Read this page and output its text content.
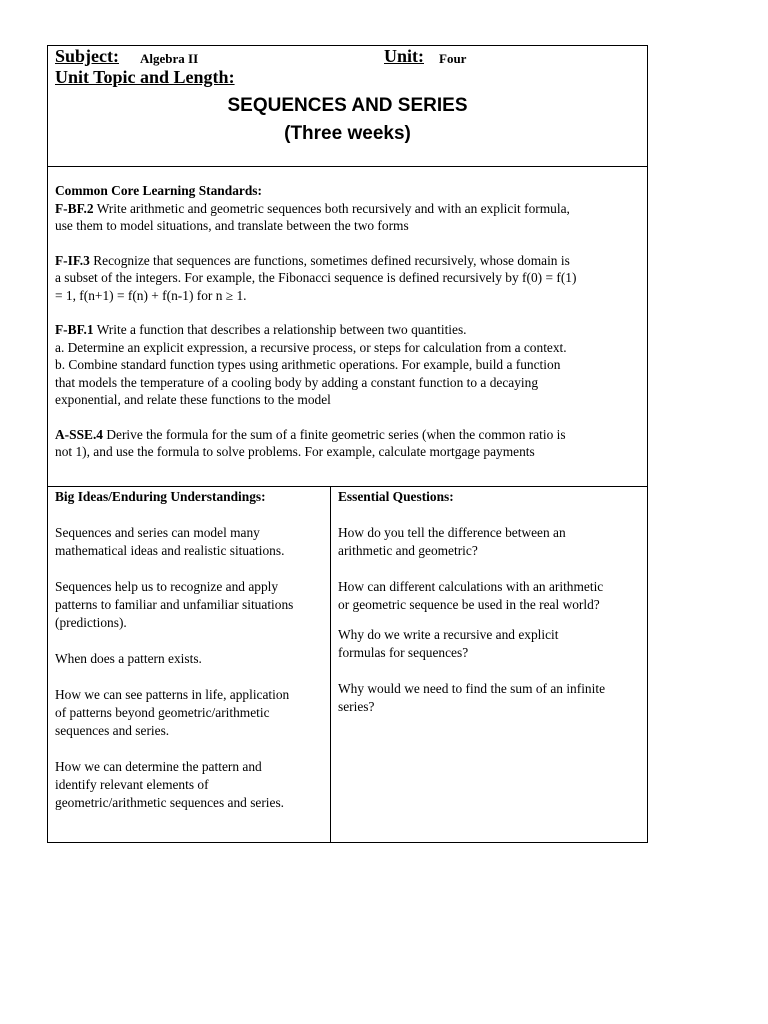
Subject: Algebra II	Unit: Four
Unit Topic and Length:
SEQUENCES AND SERIES
(Three weeks)
Common Core Learning Standards:

F-BF.2 Write arithmetic and geometric sequences both recursively and with an explicit formula,
use them to model situations, and translate between the two forms

F-IF.3 Recognize that sequences are functions, sometimes defined recursively, whose domain is
a subset of the integers. For example, the Fibonacci sequence is defined recursively by f(0) = f(1)
= 1, f(n+1) = f(n) + f(n-1) for n ≥ 1.

F-BF.1 Write a function that describes a relationship between two quantities.
a. Determine an explicit expression, a recursive process, or steps for calculation from a context.
b. Combine standard function types using arithmetic operations. For example, build a function
that models the temperature of a cooling body by adding a constant function to a decaying
exponential, and relate these functions to the model

A-SSE.4 Derive the formula for the sum of a finite geometric series (when the common ratio is
not 1), and use the formula to solve problems. For example, calculate mortgage payments

Big Ideas/Enduring Understandings:

Sequences and series can model many
mathematical ideas and realistic situations.

Sequences help us to recognize and apply
patterns to familiar and unfamiliar situations
(predictions).

When does a pattern exists.

How we can see patterns in life, application
of patterns beyond geometric/arithmetic
sequences and series.

How we can determine the pattern and
identify relevant elements of
geometric/arithmetic sequences and series.

Essential Questions:

How do you tell the difference between an
arithmetic and geometric?

How can different calculations with an arithmetic
or geometric sequence be used in the real world?

Why do we write a recursive and explicit
formulas for sequences?

Why would we need to find the sum of an infinite
series?
